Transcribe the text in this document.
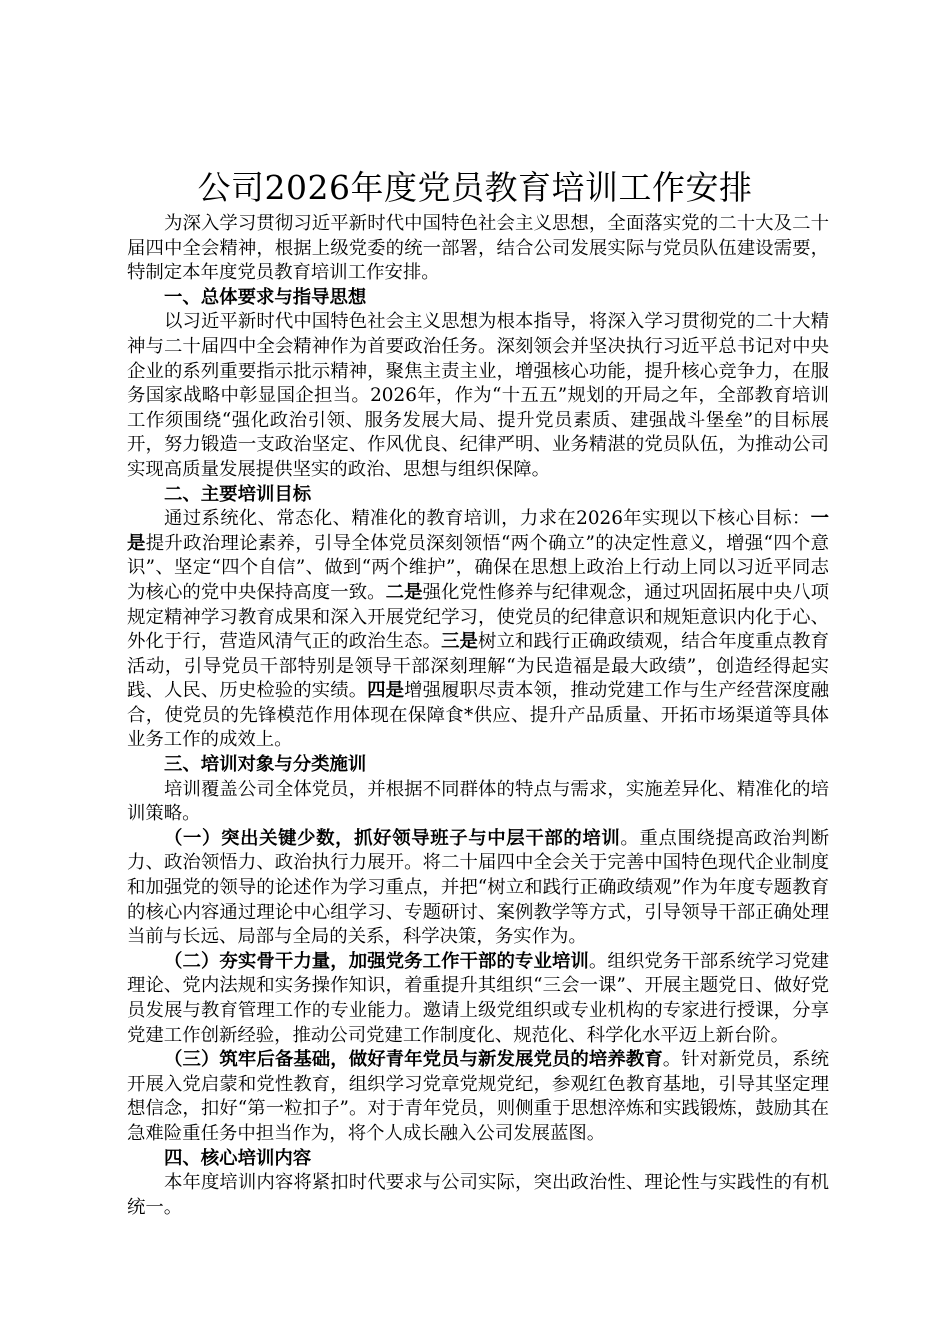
公司2026年度党员教育培训工作安排

为深入学习贯彻习近平新时代中国特色社会主义思想，全面落实党的二十大及二十届四中全会精神，根据上级党委的统一部署，结合公司发展实际与党员队伍建设需要，特制定本年度党员教育培训工作安排。

一、总体要求与指导思想

以习近平新时代中国特色社会主义思想为根本指导，将深入学习贯彻党的二十大精神与二十届四中全会精神作为首要政治任务。深刻领会并坚决执行习近平总书记对中央企业的系列重要指示批示精神，聚焦主责主业，增强核心功能，提升核心竞争力，在服务国家战略中彰显国企担当。2026年，作为“十五五”规划的开局之年，全部教育培训工作须围绕“强化政治引领、服务发展大局、提升党员素质、建强战斗堡垒”的目标展开，努力锻造一支政治坚定、作风优良、纪律严明、业务精湛的党员队伍，为推动公司实现高质量发展提供坚实的政治、思想与组织保障。

二、主要培训目标

通过系统化、常态化、精准化的教育培训，力求在2026年实现以下核心目标：一是提升政治理论素养，引导全体党员深刻领悟“两个确立”的决定性意义，增强“四个意识”、坚定“四个自信”、做到“两个维护”，确保在思想上政治上行动上同以习近平同志为核心的党中央保持高度一致。二是强化党性修养与纪律观念，通过巩固拓展中央八项规定精神学习教育成果和深入开展党纪学习，使党员的纪律意识和规矩意识内化于心、外化于行，营造风清气正的政治生态。三是树立和践行正确政绩观，结合年度重点教育活动，引导党员干部特别是领导干部深刻理解“为民造福是最大政绩”，创造经得起实践、人民、历史检验的实绩。四是增强履职尽责本领，推动党建工作与生产经营深度融合，使党员的先锋模范作用体现在保障食*供应、提升产品质量、开拓市场渠道等具体业务工作的成效上。

三、培训对象与分类施训

培训覆盖公司全体党员，并根据不同群体的特点与需求，实施差异化、精准化的培训策略。

（一）突出关键少数，抓好领导班子与中层干部的培训。重点围绕提高政治判断力、政治领悟力、政治执行力展开。将二十届四中全会关于完善中国特色现代企业制度和加强党的领导的论述作为学习重点，并把“树立和践行正确政绩观”作为年度专题教育的核心内容通过理论中心组学习、专题研讨、案例教学等方式，引导领导干部正确处理当前与长远、局部与全局的关系，科学决策，务实作为。

（二）夯实骨干力量，加强党务工作干部的专业培训。组织党务干部系统学习党建理论、党内法规和实务操作知识，着重提升其组织“三会一课”、开展主题党日、做好党员发展与教育管理工作的专业能力。邀请上级党组织或专业机构的专家进行授课，分享党建工作创新经验，推动公司党建工作制度化、规范化、科学化水平迈上新台阶。

（三）筑牢后备基础，做好青年党员与新发展党员的培养教育。针对新党员，系统开展入党启蒙和党性教育，组织学习党章党规党纪，参观红色教育基地，引导其坚定理想信念，扣好“第一粒扣子”。对于青年党员，则侧重于思想淬炼和实践锻炼，鼓励其在急难险重任务中担当作为，将个人成长融入公司发展蓝图。

四、核心培训内容

本年度培训内容将紧扣时代要求与公司实际，突出政治性、理论性与实践性的有机统一。
